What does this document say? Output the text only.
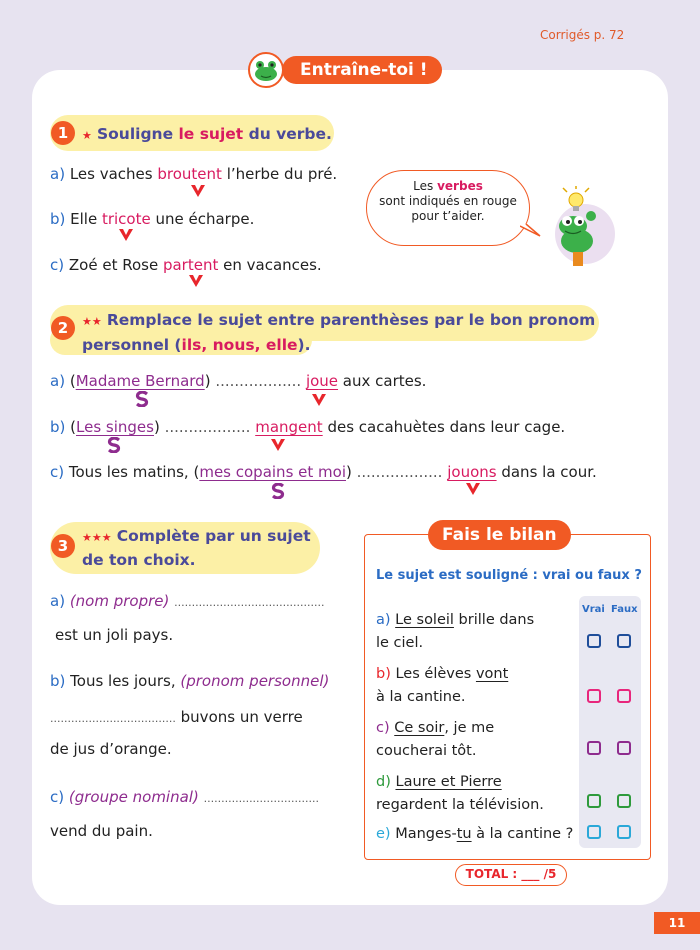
Corrigés p. 72
Entraîne-toi !
1	★ Souligne le sujet du verbe.
a) Les vaches broutent l’herbe du pré.
b) Elle tricote une écharpe.
c) Zoé et Rose partent en vacances.
Les verbes
sont indiqués en rouge
pour t’aider.
2	★★ Remplace le sujet entre parenthèses par le bon pronom
personnel (ils, nous, elle).
a) (Madame Bernard) .................. joue aux cartes.
b) (Les singes) .................. mangent des cacahuètes dans leur cage.
c) Tous les matins, (mes copains et moi) .................. jouons dans la cour.
3	★★★ Complète par un sujet
de ton choix.
a) (nom propre) ...........................................
est un joli pays.
b) Tous les jours, (pronom personnel)
.................................... buvons un verre
de jus d’orange.
c) (groupe nominal) .................................
vend du pain.
Fais le bilan
Le sujet est souligné : vrai ou faux ?
Vrai Faux
a) Le soleil brille dans
le ciel.
b) Les élèves vont
à la cantine.
c) Ce soir, je me
coucherai tôt.
d) Laure et Pierre
regardent la télévision.
e) Manges-tu à la cantine ?
TOTAL : ___ /5
11
